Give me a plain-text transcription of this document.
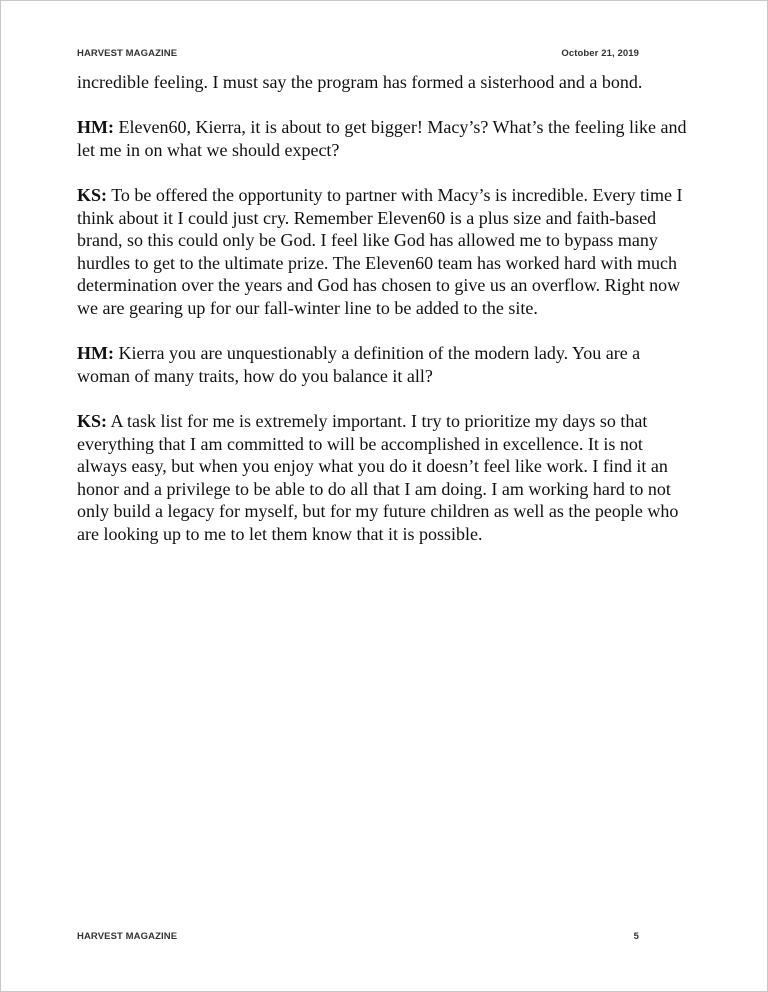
HARVEST MAGAZINE	October 21, 2019

incredible feeling. I must say the program has formed a sisterhood and a bond.

HM: Eleven60, Kierra, it is about to get bigger! Macy’s? What’s the feeling like and let me in on what we should expect?

KS: To be offered the opportunity to partner with Macy’s is incredible. Every time I think about it I could just cry. Remember Eleven60 is a plus size and faith-based brand, so this could only be God. I feel like God has allowed me to bypass many hurdles to get to the ultimate prize. The Eleven60 team has worked hard with much determination over the years and God has chosen to give us an overflow. Right now we are gearing up for our fall-winter line to be added to the site.

HM: Kierra you are unquestionably a definition of the modern lady. You are a woman of many traits, how do you balance it all?

KS: A task list for me is extremely important. I try to prioritize my days so that everything that I am committed to will be accomplished in excellence. It is not always easy, but when you enjoy what you do it doesn’t feel like work. I find it an honor and a privilege to be able to do all that I am doing. I am working hard to not only build a legacy for myself, but for my future children as well as the people who are looking up to me to let them know that it is possible.

HARVEST MAGAZINE	5
